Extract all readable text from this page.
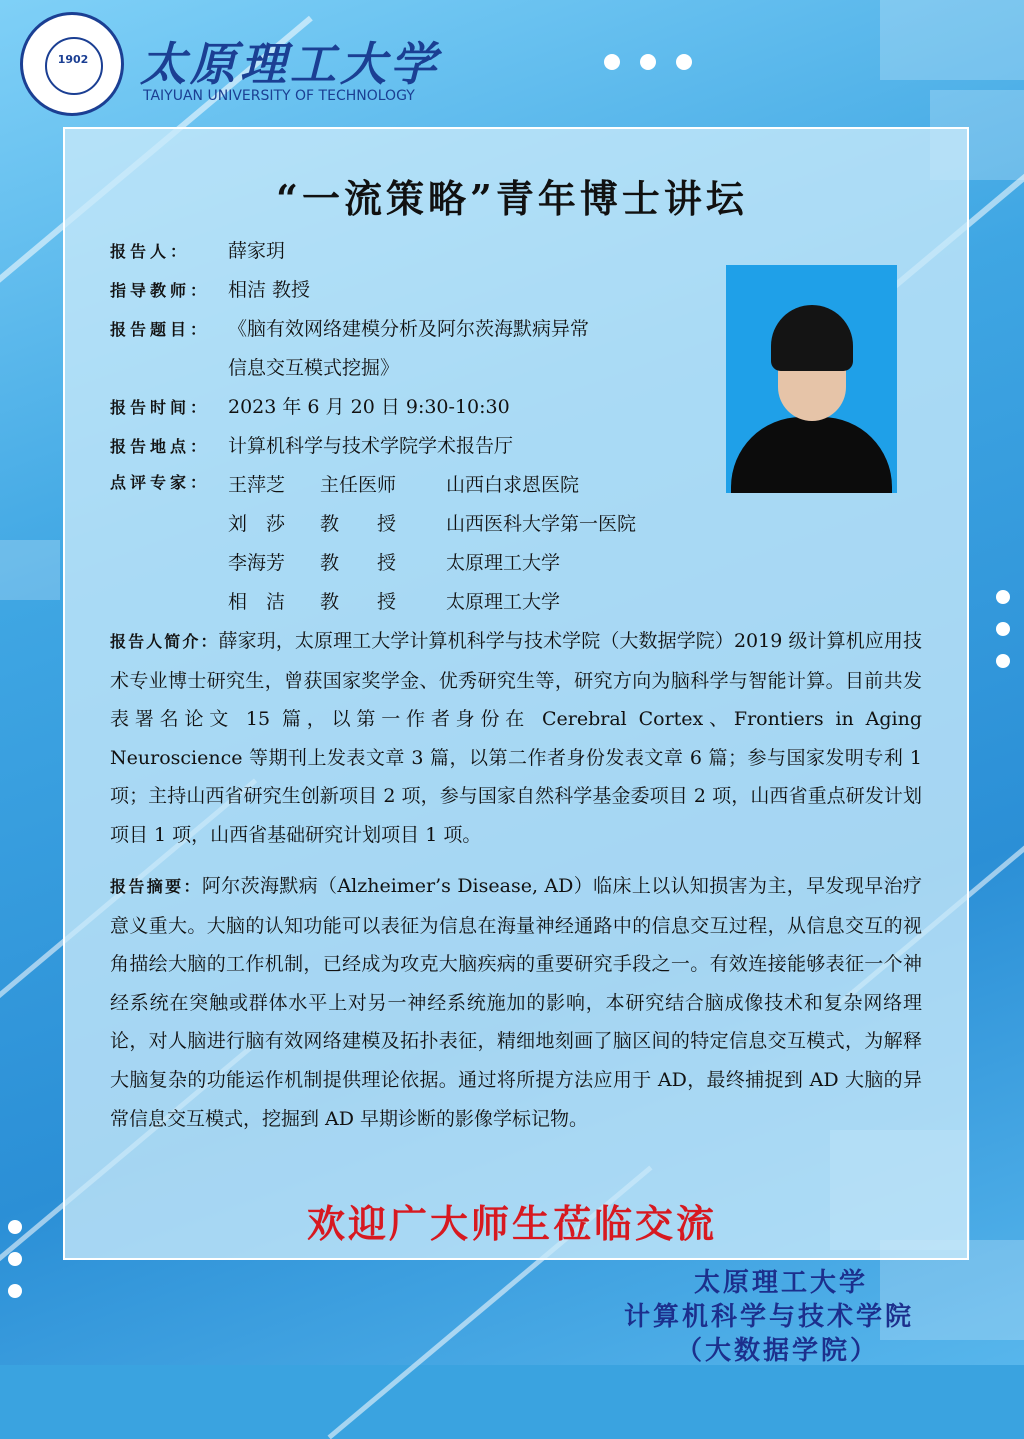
1902 太原理工大学
TAIYUAN UNIVERSITY OF TECHNOLOGY
“一流策略”青年博士讲坛
报告人： 薛家玥
指导教师： 相洁 教授
报告题目： 《脑有效网络建模分析及阿尔茨海默病异常
信息交互模式挖掘》
报告时间： 2023 年 6 月 20 日 9:30-10:30
报告地点： 计算机科学与技术学院学术报告厅
点评专家： 王萍芝 主任医师	山西白求恩医院
刘　莎 教　　授	山西医科大学第一医院
李海芳 教　　授	太原理工大学
相　洁 教　　授	太原理工大学
报告人简介：薛家玥，太原理工大学计算机科学与技术学院（大数据学院）2019 级计算机应用技术专业博士研究生，曾获国家奖学金、优秀研究生等，研究方向为脑科学与智能计算。目前共发表署名论文 15 篇，以第一作者身份在 Cerebral Cortex、Frontiers in Aging Neuroscience 等期刊上发表文章 3 篇，以第二作者身份发表文章 6 篇；参与国家发明专利 1 项；主持山西省研究生创新项目 2 项，参与国家自然科学基金委项目 2 项，山西省重点研发计划项目 1 项，山西省基础研究计划项目 1 项。
报告摘要：阿尔茨海默病（Alzheimer’s Disease, AD）临床上以认知损害为主，早发现早治疗意义重大。大脑的认知功能可以表征为信息在海量神经通路中的信息交互过程，从信息交互的视角描绘大脑的工作机制，已经成为攻克大脑疾病的重要研究手段之一。有效连接能够表征一个神经系统在突触或群体水平上对另一神经系统施加的影响，本研究结合脑成像技术和复杂网络理论，对人脑进行脑有效网络建模及拓扑表征，精细地刻画了脑区间的特定信息交互模式，为解释大脑复杂的功能运作机制提供理论依据。通过将所提方法应用于 AD，最终捕捉到 AD 大脑的异常信息交互模式，挖掘到 AD 早期诊断的影像学标记物。
欢迎广大师生莅临交流
太原理工大学
计算机科学与技术学院
（大数据学院）
